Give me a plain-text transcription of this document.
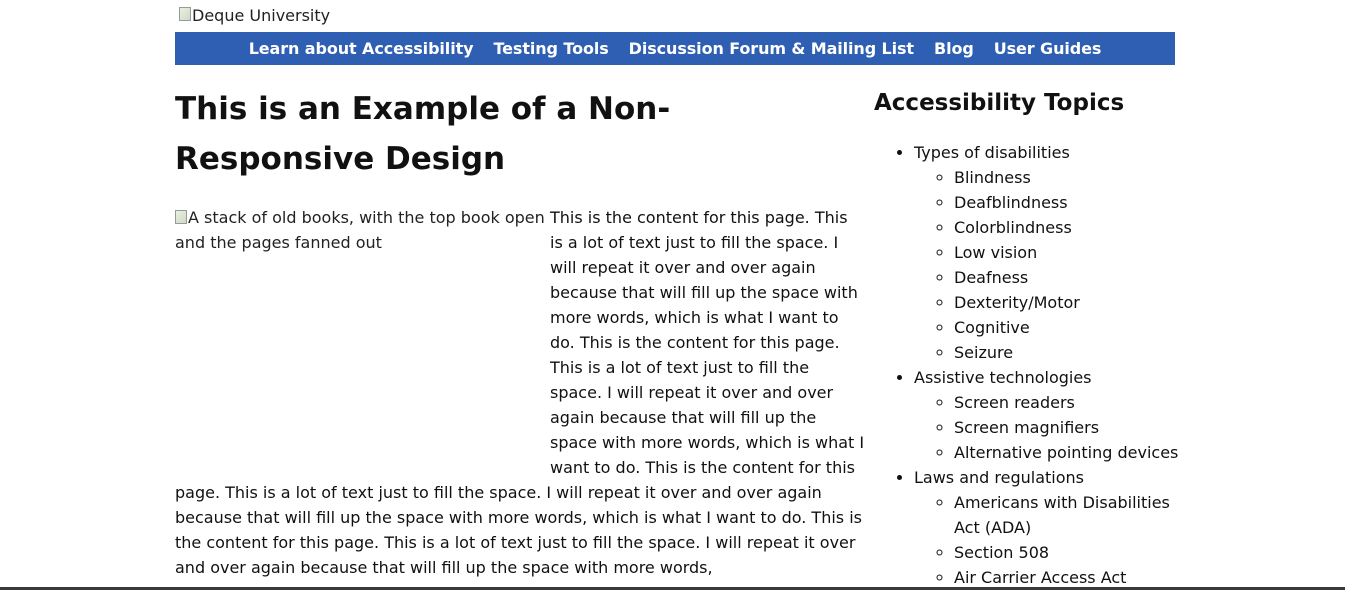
Deque University
Learn about Accessibility Testing Tools Discussion Forum & Mailing List Blog User Guides
This is an Example of a Non-Responsive Design
A stack of old books, with the top book open and the pages fanned out

This is the content for this page. This is a lot of text just to fill the space. I will repeat it over and over again because that will fill up the space with more words, which is what I want to do. This is the content for this page. This is a lot of text just to fill the space. I will repeat it over and over again because that will fill up the space with more words, which is what I want to do. This is the content for this page. This is a lot of text just to fill the space. I will repeat it over and over again because that will fill up the space with more words, which is what I want to do. This is the content for this page. This is a lot of text just to fill the space. I will repeat it over and over again because that will fill up the space with more words,

Accessibility Topics
• Types of disabilities
◦ Blindness
◦ Deafblindness
◦ Colorblindness
◦ Low vision
◦ Deafness
◦ Dexterity/Motor
◦ Cognitive
◦ Seizure
• Assistive technologies
◦ Screen readers
◦ Screen magnifiers
◦ Alternative pointing devices
• Laws and regulations
◦ Americans with Disabilities Act (ADA)
◦ Section 508
◦ Air Carrier Access Act
